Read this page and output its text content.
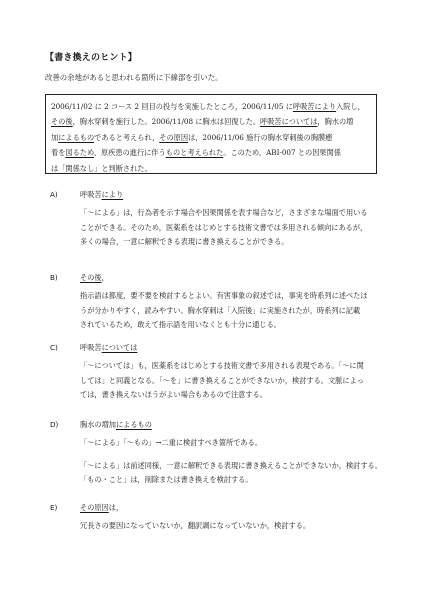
【書き換えのヒント】
改善の余地があると思われる箇所に下線部を引いた。

2006/11/02 に 2 コース 2 回目の投与を実施したところ，2006/11/05 に呼吸苦により入院し，

その後，胸水穿刺を施行した。2006/11/08 に胸水は回復した。呼吸苦については，胸水の増

加によるものであると考えられ，その原因は，2006/11/06 施行の胸水穿刺後の胸膜癒

着を図るため，原疾患の進行に伴うものと考えられた。このため，ABI-007 との因果関係

は「関係なし」と判断された。

A)	呼吸苦により

「〜による」は，行為者を示す場合や因果関係を表す場合など，さまざまな場面で用いる

ことができる。そのため，医薬系をはじめとする技術文書では多用される傾向にあるが，

多くの場合，一意に解釈できる表現に書き換えることができる。

B)	その後，

指示語は都度，要不要を検討するとよい。有害事象の叙述では，事実を時系列に述べたほ

うが分かりやすく，読みやすい。胸水穿刺は「入院後」に実施されたが，時系列に記載

されているため，敢えて指示語を用いなくとも十分に通じる。

C)	呼吸苦については

「〜については」も，医薬系をはじめとする技術文書で多用される表現である。「〜に関

しては」と同義となる。「〜を」に書き換えることができないか，検討する。文脈によっ

ては，書き換えないほうがよい場合もあるので注意する。

D)	胸水の増加によるもの

「〜による」「〜もの」→二重に検討すべき箇所である。

「〜による」は前述同様，一意に解釈できる表現に書き換えることができないか，検討する。

「もの・こと」は，削除または書き換えを検討する。

E)	その原因は，

冗長さの要因になっていないか，翻訳調になっていないか，検討する。
